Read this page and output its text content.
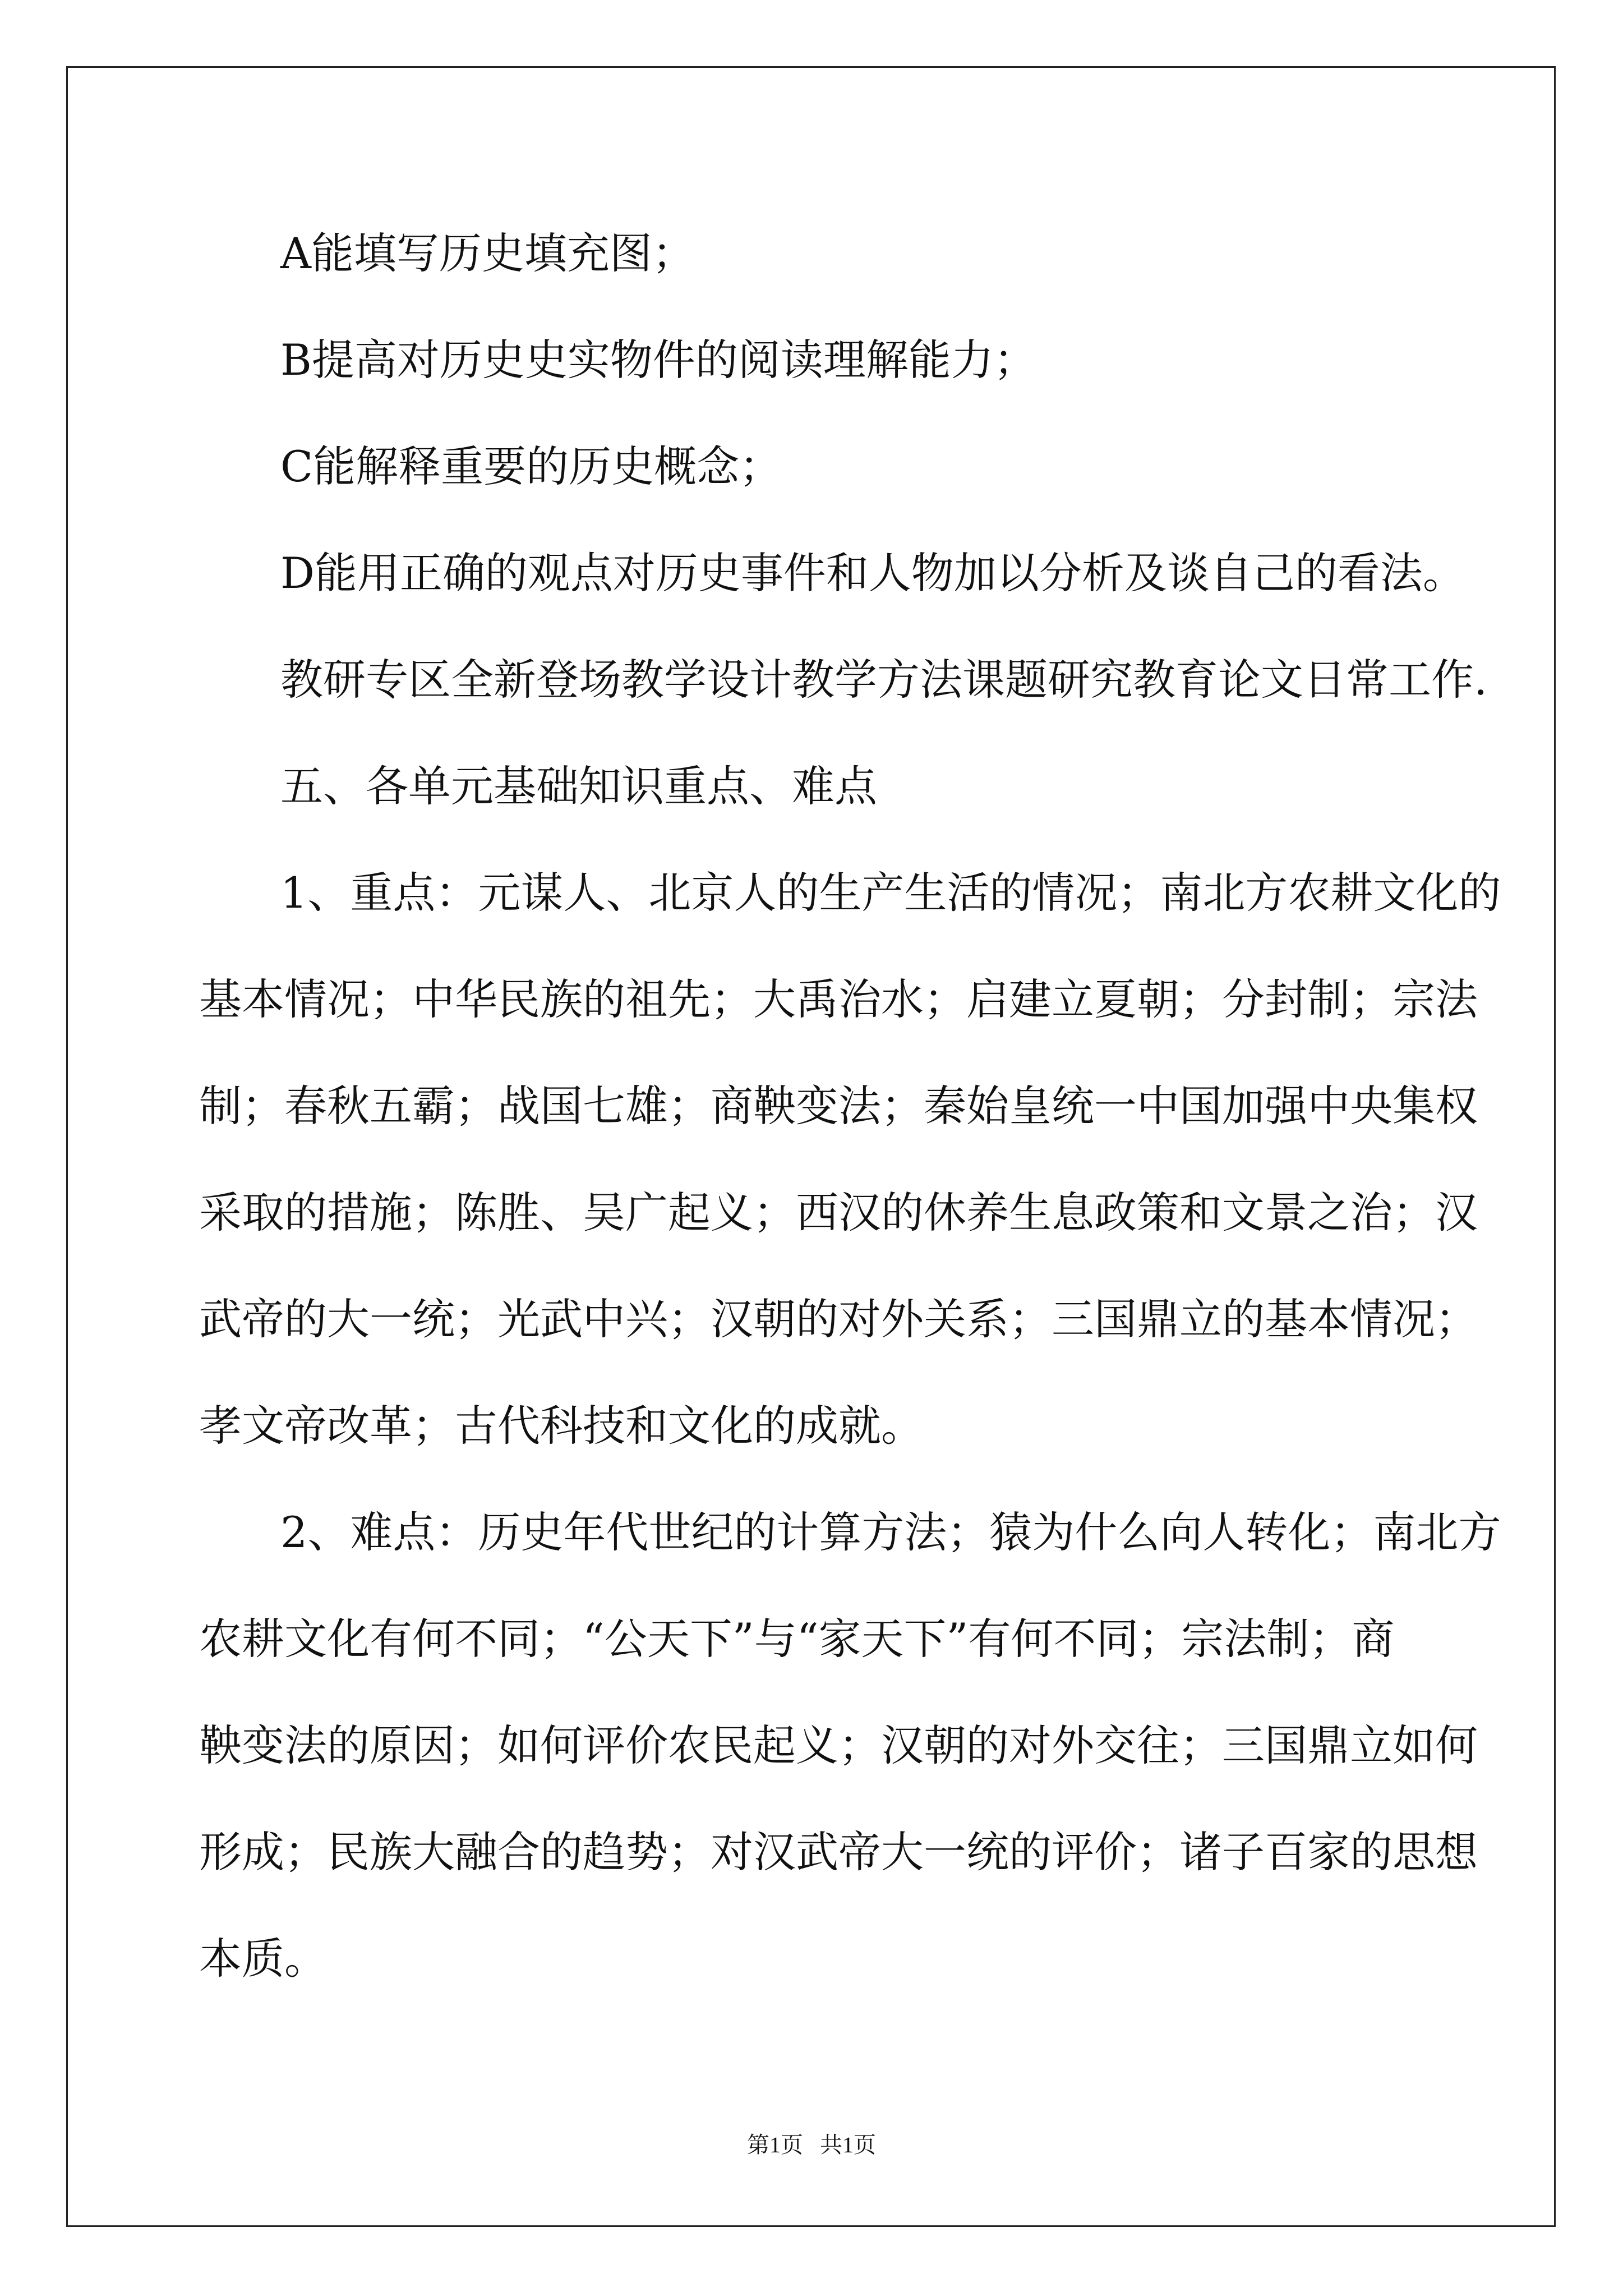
A能填写历史填充图；

B提高对历史史实物件的阅读理解能力；

C能解释重要的历史概念；

D能用正确的观点对历史事件和人物加以分析及谈自己的看法。

教研专区全新登场教学设计教学方法课题研究教育论文日常工作.

五、各单元基础知识重点、难点

1、重点：元谋人、北京人的生产生活的情况；南北方农耕文化的
基本情况；中华民族的祖先；大禹治水；启建立夏朝；分封制；宗法
制；春秋五霸；战国七雄；商鞅变法；秦始皇统一中国加强中央集权
采取的措施；陈胜、吴广起义；西汉的休养生息政策和文景之治；汉
武帝的大一统；光武中兴；汉朝的对外关系；三国鼎立的基本情况；
孝文帝改革；古代科技和文化的成就。
2、难点：历史年代世纪的计算方法；猿为什么向人转化；南北方
农耕文化有何不同；“公天下”与“家天下”有何不同；宗法制；商
鞅变法的原因；如何评价农民起义；汉朝的对外交往；三国鼎立如何
形成；民族大融合的趋势；对汉武帝大一统的评价；诸子百家的思想
本质。
第1页   共1页
